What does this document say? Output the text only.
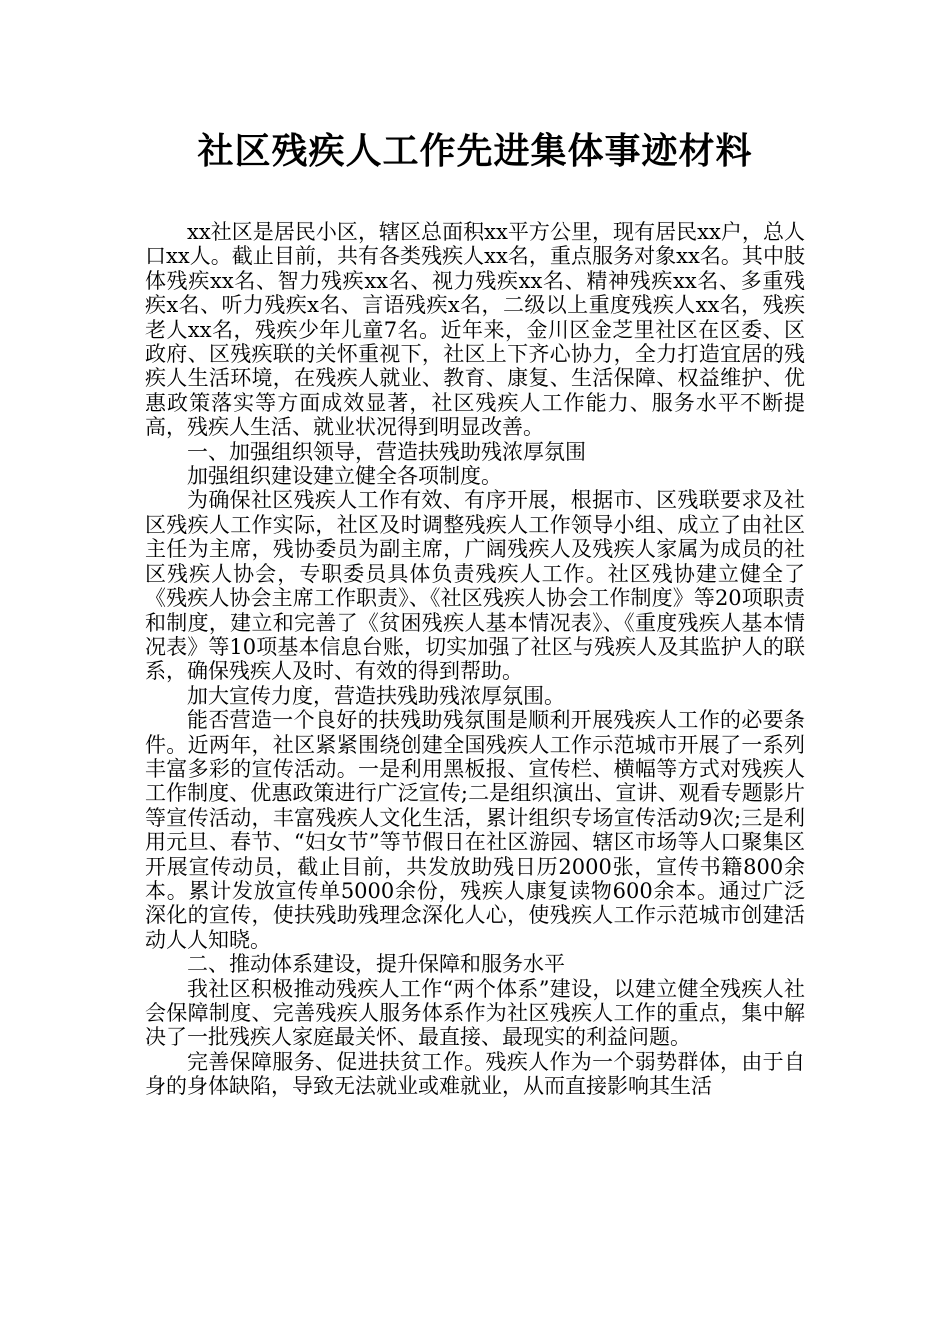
社区残疾人工作先进集体事迹材料

xx社区是居民小区，辖区总面积xx平方公里，现有居民xx户，总人口xx人。截止目前，共有各类残疾人xx名，重点服务对象xx名。其中肢体残疾xx名、智力残疾xx名、视力残疾xx名、精神残疾xx名、多重残疾x名、听力残疾x名、言语残疾x名，二级以上重度残疾人xx名，残疾老人xx名，残疾少年儿童7名。近年来，金川区金芝里社区在区委、区政府、区残疾联的关怀重视下，社区上下齐心协力，全力打造宜居的残疾人生活环境，在残疾人就业、教育、康复、生活保障、权益维护、优惠政策落实等方面成效显著，社区残疾人工作能力、服务水平不断提高，残疾人生活、就业状况得到明显改善。

一、加强组织领导，营造扶残助残浓厚氛围

加强组织建设建立健全各项制度。

为确保社区残疾人工作有效、有序开展，根据市、区残联要求及社区残疾人工作实际，社区及时调整残疾人工作领导小组、成立了由社区主任为主席，残协委员为副主席，广阔残疾人及残疾人家属为成员的社区残疾人协会，专职委员具体负责残疾人工作。社区残协建立健全了《残疾人协会主席工作职责》、《社区残疾人协会工作制度》等20项职责和制度，建立和完善了《贫困残疾人基本情况表》、《重度残疾人基本情况表》等10项基本信息台账，切实加强了社区与残疾人及其监护人的联系，确保残疾人及时、有效的得到帮助。

加大宣传力度，营造扶残助残浓厚氛围。

能否营造一个良好的扶残助残氛围是顺利开展残疾人工作的必要条件。近两年，社区紧紧围绕创建全国残疾人工作示范城市开展了一系列丰富多彩的宣传活动。一是利用黑板报、宣传栏、横幅等方式对残疾人工作制度、优惠政策进行广泛宣传;二是组织演出、宣讲、观看专题影片等宣传活动，丰富残疾人文化生活，累计组织专场宣传活动9次;三是利用元旦、春节、“妇女节”等节假日在社区游园、辖区市场等人口聚集区开展宣传动员，截止目前，共发放助残日历2000张，宣传书籍800余本。累计发放宣传单5000余份，残疾人康复读物600余本。通过广泛深化的宣传，使扶残助残理念深化人心，使残疾人工作示范城市创建活动人人知晓。

二、推动体系建设，提升保障和服务水平

我社区积极推动残疾人工作“两个体系”建设，以建立健全残疾人社会保障制度、完善残疾人服务体系作为社区残疾人工作的重点，集中解决了一批残疾人家庭最关怀、最直接、最现实的利益问题。

完善保障服务、促进扶贫工作。残疾人作为一个弱势群体，由于自身的身体缺陷，导致无法就业或难就业，从而直接影响其生活
